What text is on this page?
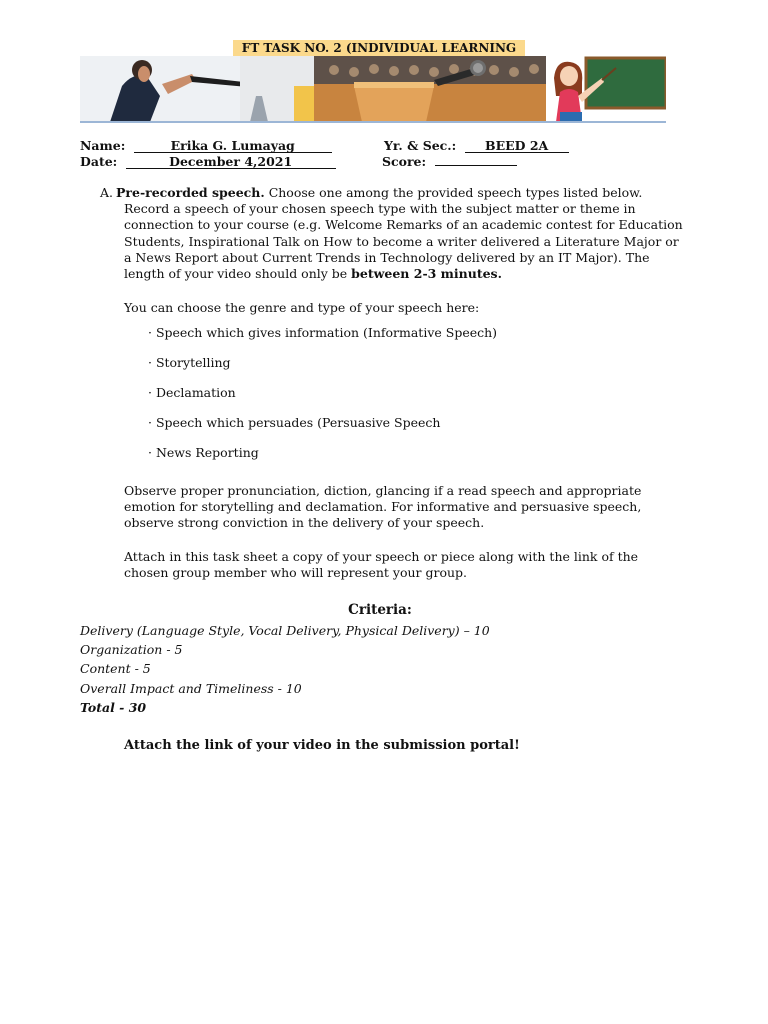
FT TASK NO. 2 (INDIVIDUAL LEARNING
Name:	Erika G. Lumayag
Date:	December 4,2021
Yr. & Sec.: BEED 2A
Score:
A. Pre-recorded speech. Choose one among the provided speech types listed below. Record a speech of your chosen speech type with the subject matter or theme in connection to your course (e.g. Welcome Remarks of an academic contest for Education Students, Inspirational Talk on How to become a writer delivered a Literature Major or a News Report about Current Trends in Technology delivered by an IT Major). The length of your video should only be between 2-3 minutes.
You can choose the genre and type of your speech here:
· Speech which gives information (Informative Speech)
· Storytelling
· Declamation
· Speech which persuades (Persuasive Speech
· News Reporting
Observe proper pronunciation, diction, glancing if a read speech and appropriate emotion for storytelling and declamation. For informative and persuasive speech, observe strong conviction in the delivery of your speech.
Attach in this task sheet a copy of your speech or piece along with the link of the chosen group member who will represent your group.
Criteria:
Delivery (Language Style, Vocal Delivery, Physical Delivery) – 10
Organization - 5
Content - 5
Overall Impact and Timeliness - 10
Total - 30
Attach the link of your video in the submission portal!
